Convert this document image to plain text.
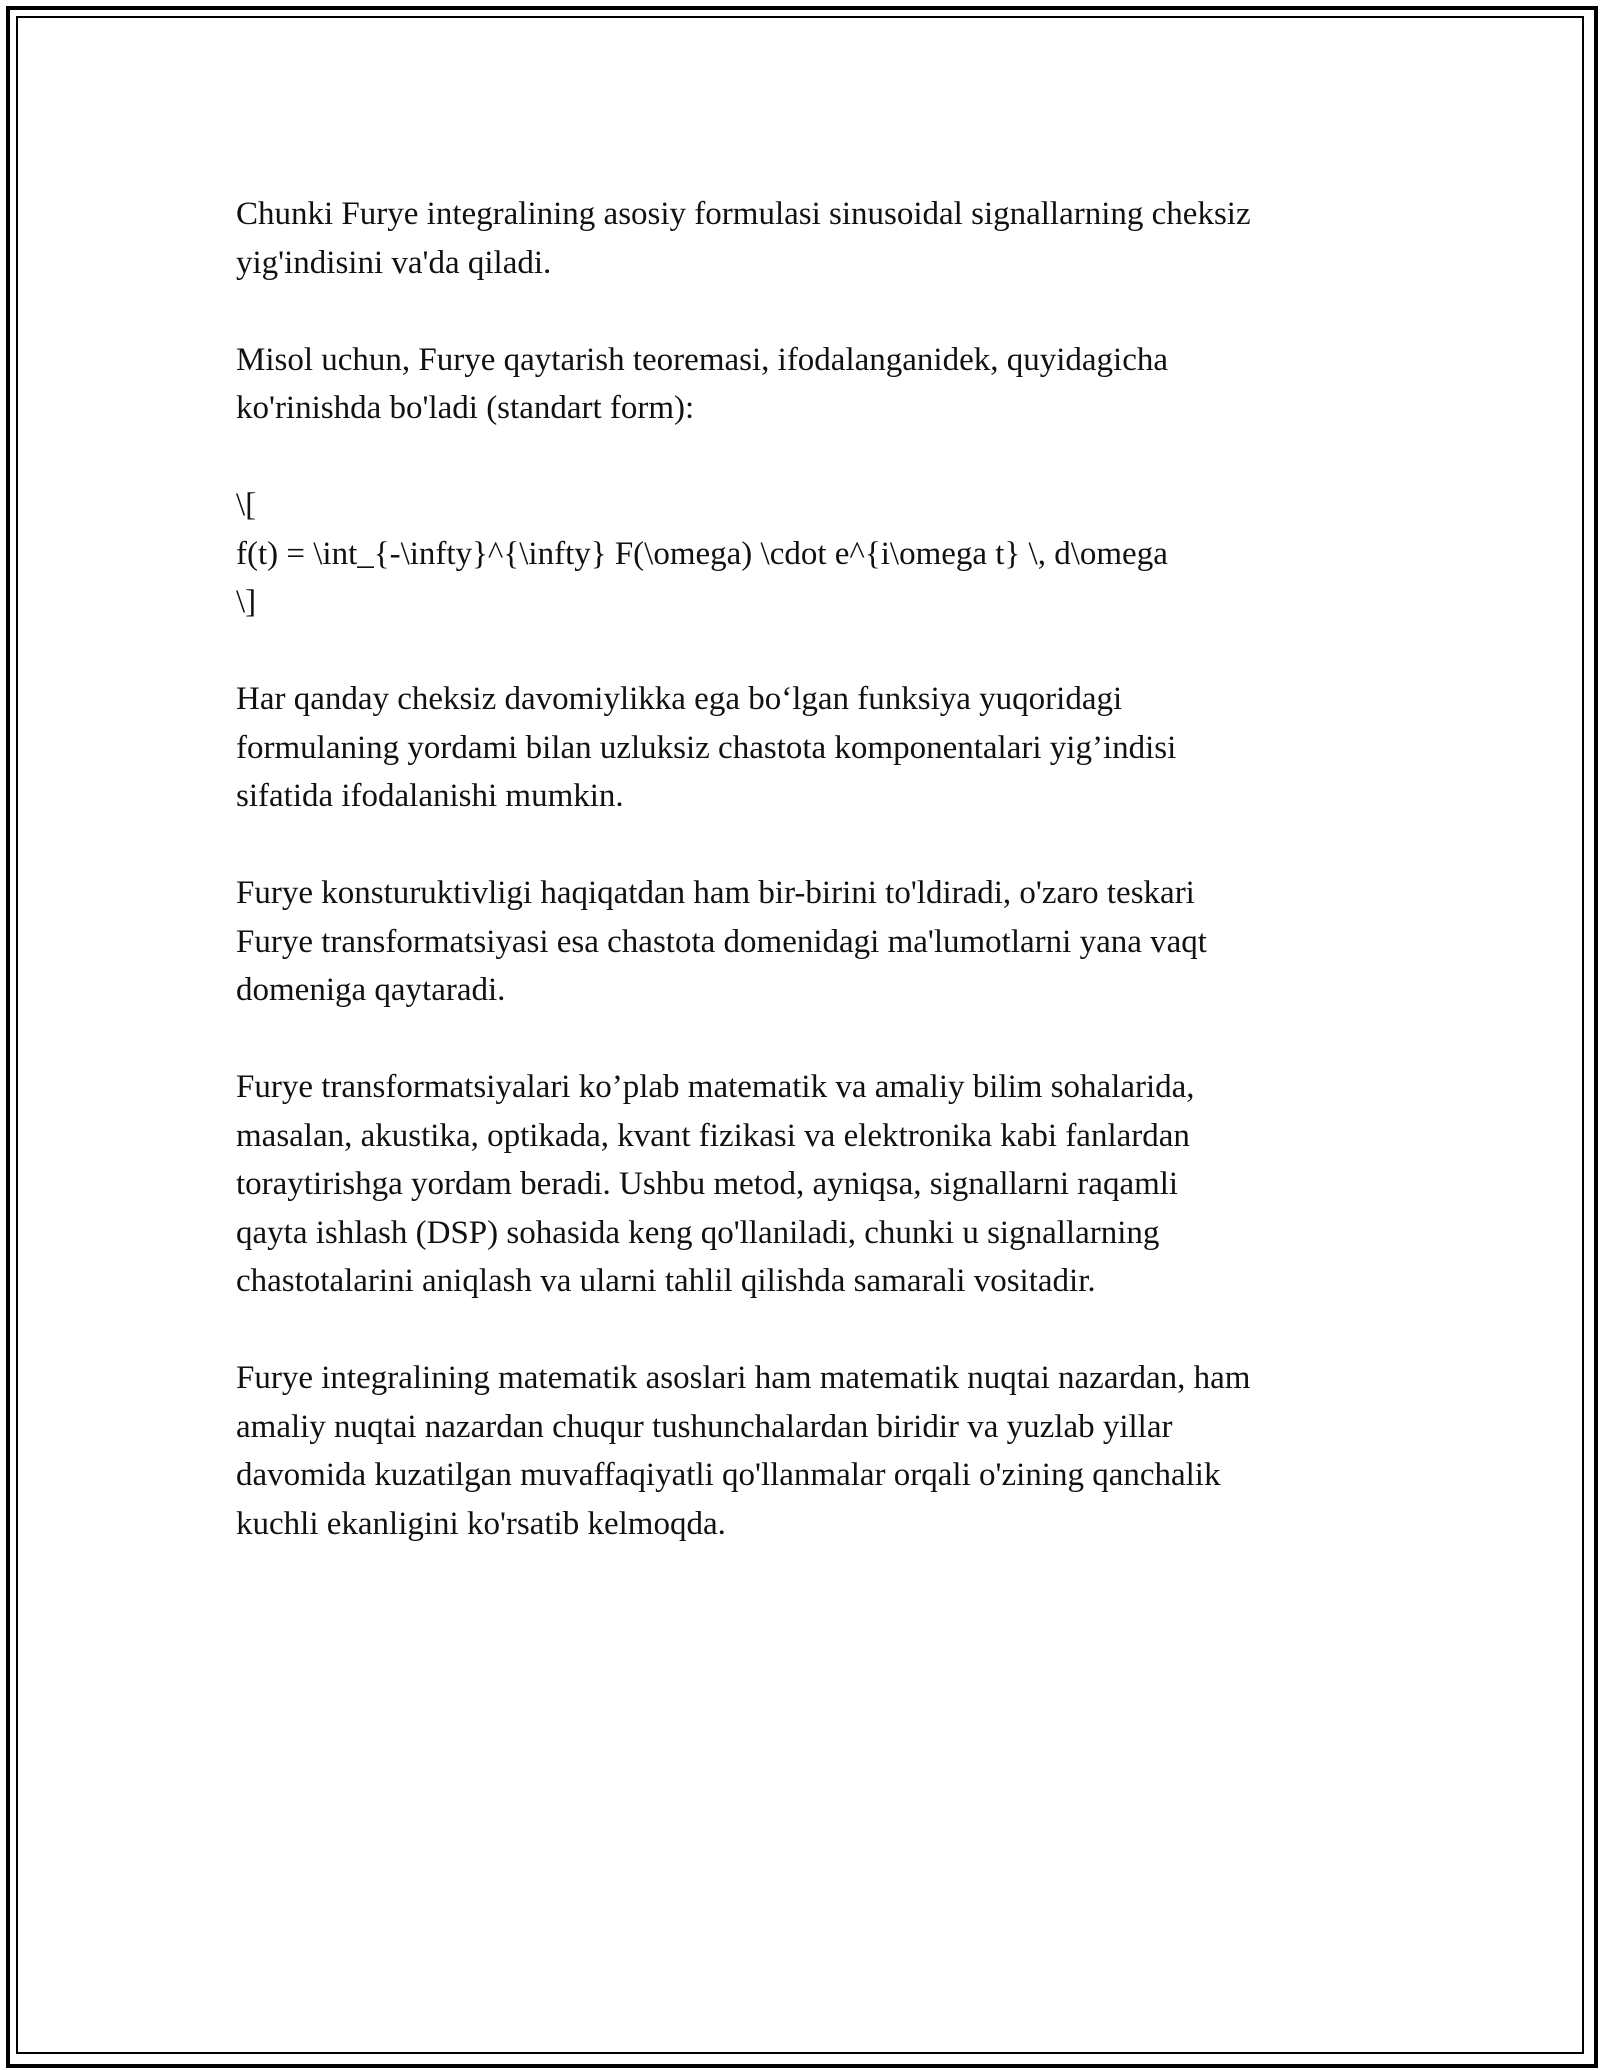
Chunki Furye integralining asosiy formulasi sinusoidal signallarning cheksiz
yig'indisini va'da qiladi.

Misol uchun, Furye qaytarish teoremasi, ifodalanganidek, quyidagicha
ko'rinishda bo'ladi (standart form):

\[
f(t) = \int_{-\infty}^{\infty} F(\omega) \cdot e^{i\omega t} \, d\omega
\]

Har qanday cheksiz davomiylikka ega bo‘lgan funksiya yuqoridagi
formulaning yordami bilan uzluksiz chastota komponentalari yig’indisi
sifatida ifodalanishi mumkin.

Furye konsturuktivligi haqiqatdan ham bir-birini to'ldiradi, o'zaro teskari
Furye transformatsiyasi esa chastota domenidagi ma'lumotlarni yana vaqt
domeniga qaytaradi.

Furye transformatsiyalari ko’plab matematik va amaliy bilim sohalarida,
masalan, akustika, optikada, kvant fizikasi va elektronika kabi fanlardan
toraytirishga yordam beradi. Ushbu metod, ayniqsa, signallarni raqamli
qayta ishlash (DSP) sohasida keng qo'llaniladi, chunki u signallarning
chastotalarini aniqlash va ularni tahlil qilishda samarali vositadir.

Furye integralining matematik asoslari ham matematik nuqtai nazardan, ham
amaliy nuqtai nazardan chuqur tushunchalardan biridir va yuzlab yillar
davomida kuzatilgan muvaffaqiyatli qo'llanmalar orqali o'zining qanchalik
kuchli ekanligini ko'rsatib kelmoqda.
